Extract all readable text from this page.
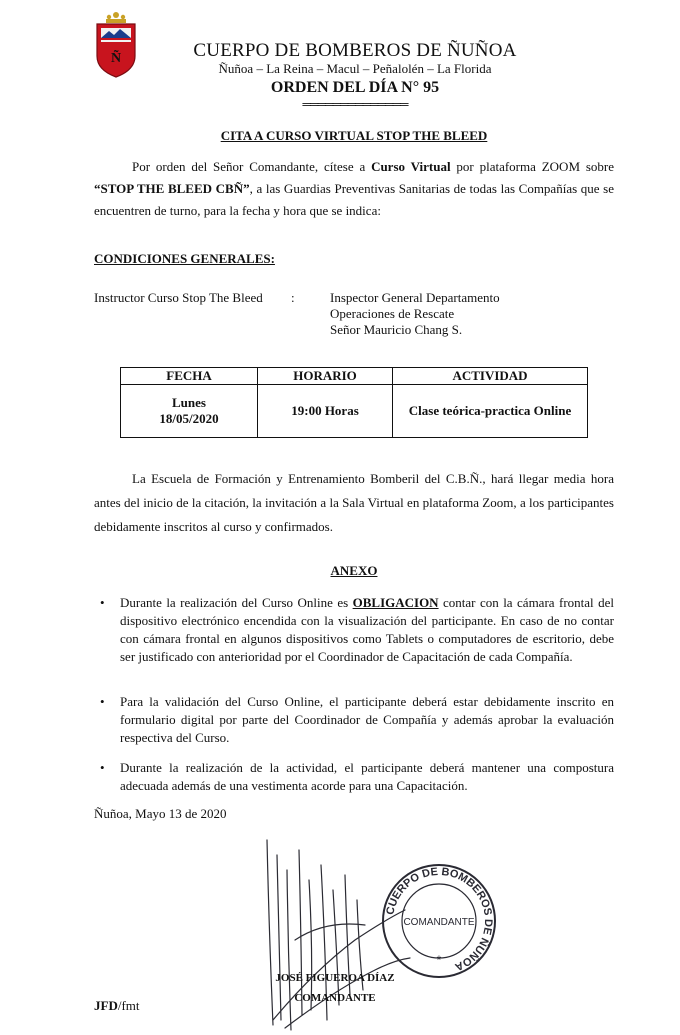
Ñ	CUERPO DE BOMBEROS DE ÑUÑOA
Ñuñoa – La Reina – Macul – Peñalolén – La Florida
ORDEN DEL DÍA N° 95
══════════════
CITA A CURSO VIRTUAL STOP THE BLEED
Por orden del Señor Comandante, cítese a Curso Virtual por plataforma ZOOM sobre “STOP THE BLEED CBÑ”, a las Guardias Preventivas Sanitarias de todas las Compañías que se encuentren de turno, para la fecha y hora que se indica:
CONDICIONES GENERALES:
Instructor Curso Stop The Bleed :	Inspector General Departamento
Operaciones de Rescate
Señor Mauricio Chang S.
FECHA	HORARIO	ACTIVIDAD

Lunes
18/05/2020	19:00 Horas	Clase teórica-practica Online
La Escuela de Formación y Entrenamiento Bomberil del C.B.Ñ., hará llegar media hora antes del inicio de la citación, la invitación a la Sala Virtual en plataforma Zoom, a los participantes debidamente inscritos al curso y confirmados.
ANEXO
• Durante la realización del Curso Online es OBLIGACION contar con la cámara frontal del dispositivo electrónico encendida con la visualización del participante. En caso de no contar con cámara frontal en algunos dispositivos como Tablets o computadores de escritorio, debe ser justificado con anterioridad por el Coordinador de Capacitación de cada Compañía.
• Para la validación del Curso Online, el participante deberá estar debidamente inscrito en formulario digital por parte del Coordinador de Compañía y además aprobar la evaluación respectiva del Curso.
• Durante la realización de la actividad, el participante deberá mantener una compostura adecuada además de una vestimenta acorde para una Capacitación.
Ñuñoa, Mayo 13 de 2020
CUERPO DE BOMBEROS DE ÑUÑOA
COMANDANTE
*
JOSÉ FIGUEROA DÍAZ
COMANDANTE
JFD/fmt
